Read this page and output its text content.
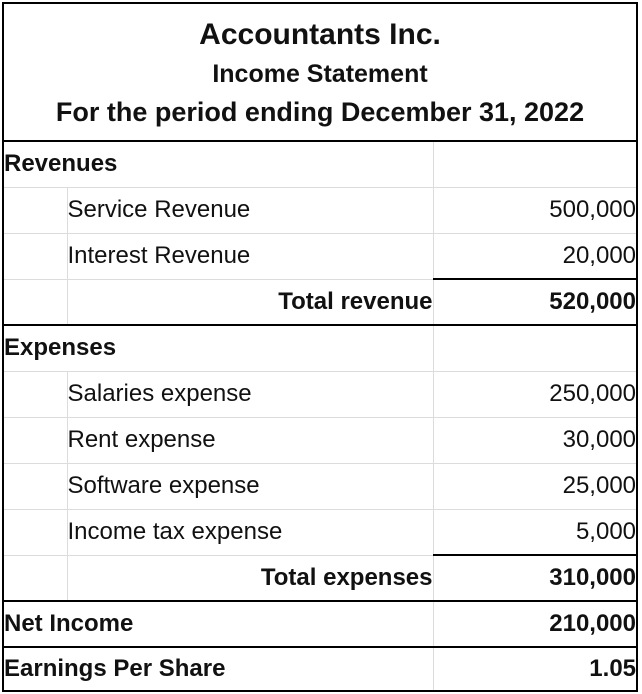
Accountants Inc.
Income Statement
For the period ending December 31, 2022		

Revenues		
	Service Revenue	500,000
	Interest Revenue	20,000
	Total revenue	520,000
Expenses		
	Salaries expense	250,000
	Rent expense	30,000
	Software expense	25,000
	Income tax expense	5,000
	Total expenses	310,000
Net Income		210,000
Earnings Per Share		1.05
